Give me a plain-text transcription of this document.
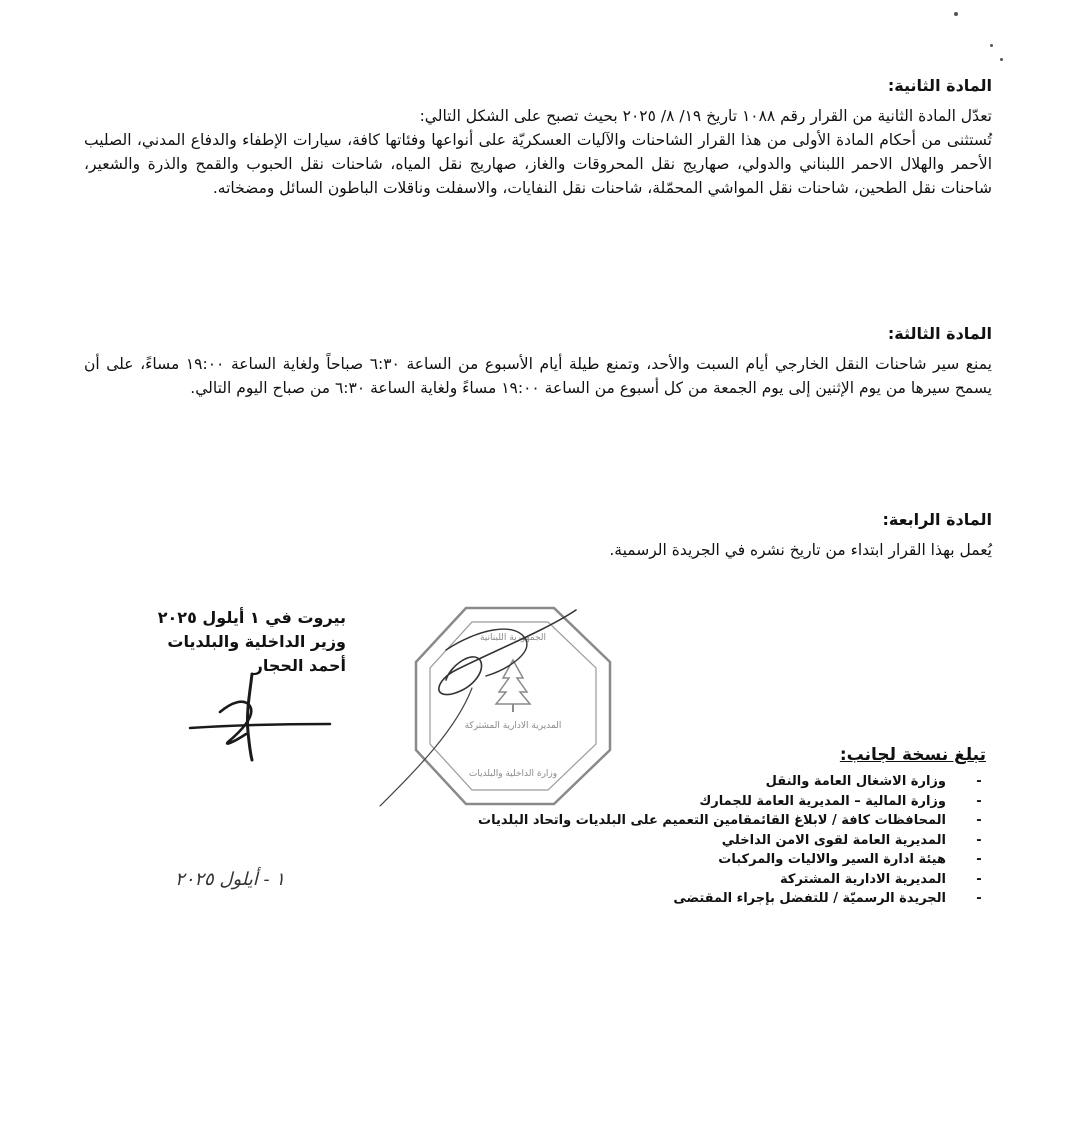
المادة الثانية:

تعدّل المادة الثانية من القرار رقم ١٠٨٨ تاريخ ١٩/ ٨/ ٢٠٢٥ بحيث تصبح على الشكل التالي:

تُستثنى من أحكام المادة الأولى من هذا القرار الشاحنات والآليات العسكريّة على أنواعها وفئاتها كافة، سيارات الإطفاء والدفاع المدني، الصليب الأحمر والهلال الاحمر اللبناني والدولي، صهاريج نقل المحروقات والغاز، صهاريج نقل المياه، شاحنات نقل الحبوب والقمح والذرة والشعير، شاحنات نقل الطحين، شاحنات نقل المواشي المحمّلة، شاحنات نقل النفايات، والاسفلت وناقلات الباطون السائل ومضخاته.

المادة الثالثة:

يمنع سير شاحنات النقل الخارجي أيام السبت والأحد، وتمنع طيلة أيام الأسبوع من الساعة ٦:٣٠ صباحاً ولغاية الساعة ١٩:٠٠ مساءً، على أن يسمح سيرها من يوم الإثنين إلى يوم الجمعة من كل أسبوع من الساعة ١٩:٠٠ مساءً ولغاية الساعة ٦:٣٠ من صباح اليوم التالي.

المادة الرابعة:

يُعمل بهذا القرار ابتداء من تاريخ نشره في الجريدة الرسمية.

بيروت في ١ أيلول ٢٠٢٥
وزير الداخلية والبلديات
أحمد الحجار
الجمهورية اللبنانية
المديرية الادارية المشتركة
وزارة الداخلية والبلديات

تبلغ نسخة لجانب:

-
وزارة الاشغال العامة والنقل
-
وزارة المالية – المديرية العامة للجمارك
-
المحافظات كافة / لابلاغ القائمقامين التعميم على البلديات واتحاد البلديات
-
المديرية العامة لقوى الامن الداخلي
-
هيئة ادارة السير والاليات والمركبات
-
المديرية الادارية المشتركة
-
الجريدة الرسميّة / للتفضل بإجراء المقتضى
١ - أيلول ٢٠٢٥
